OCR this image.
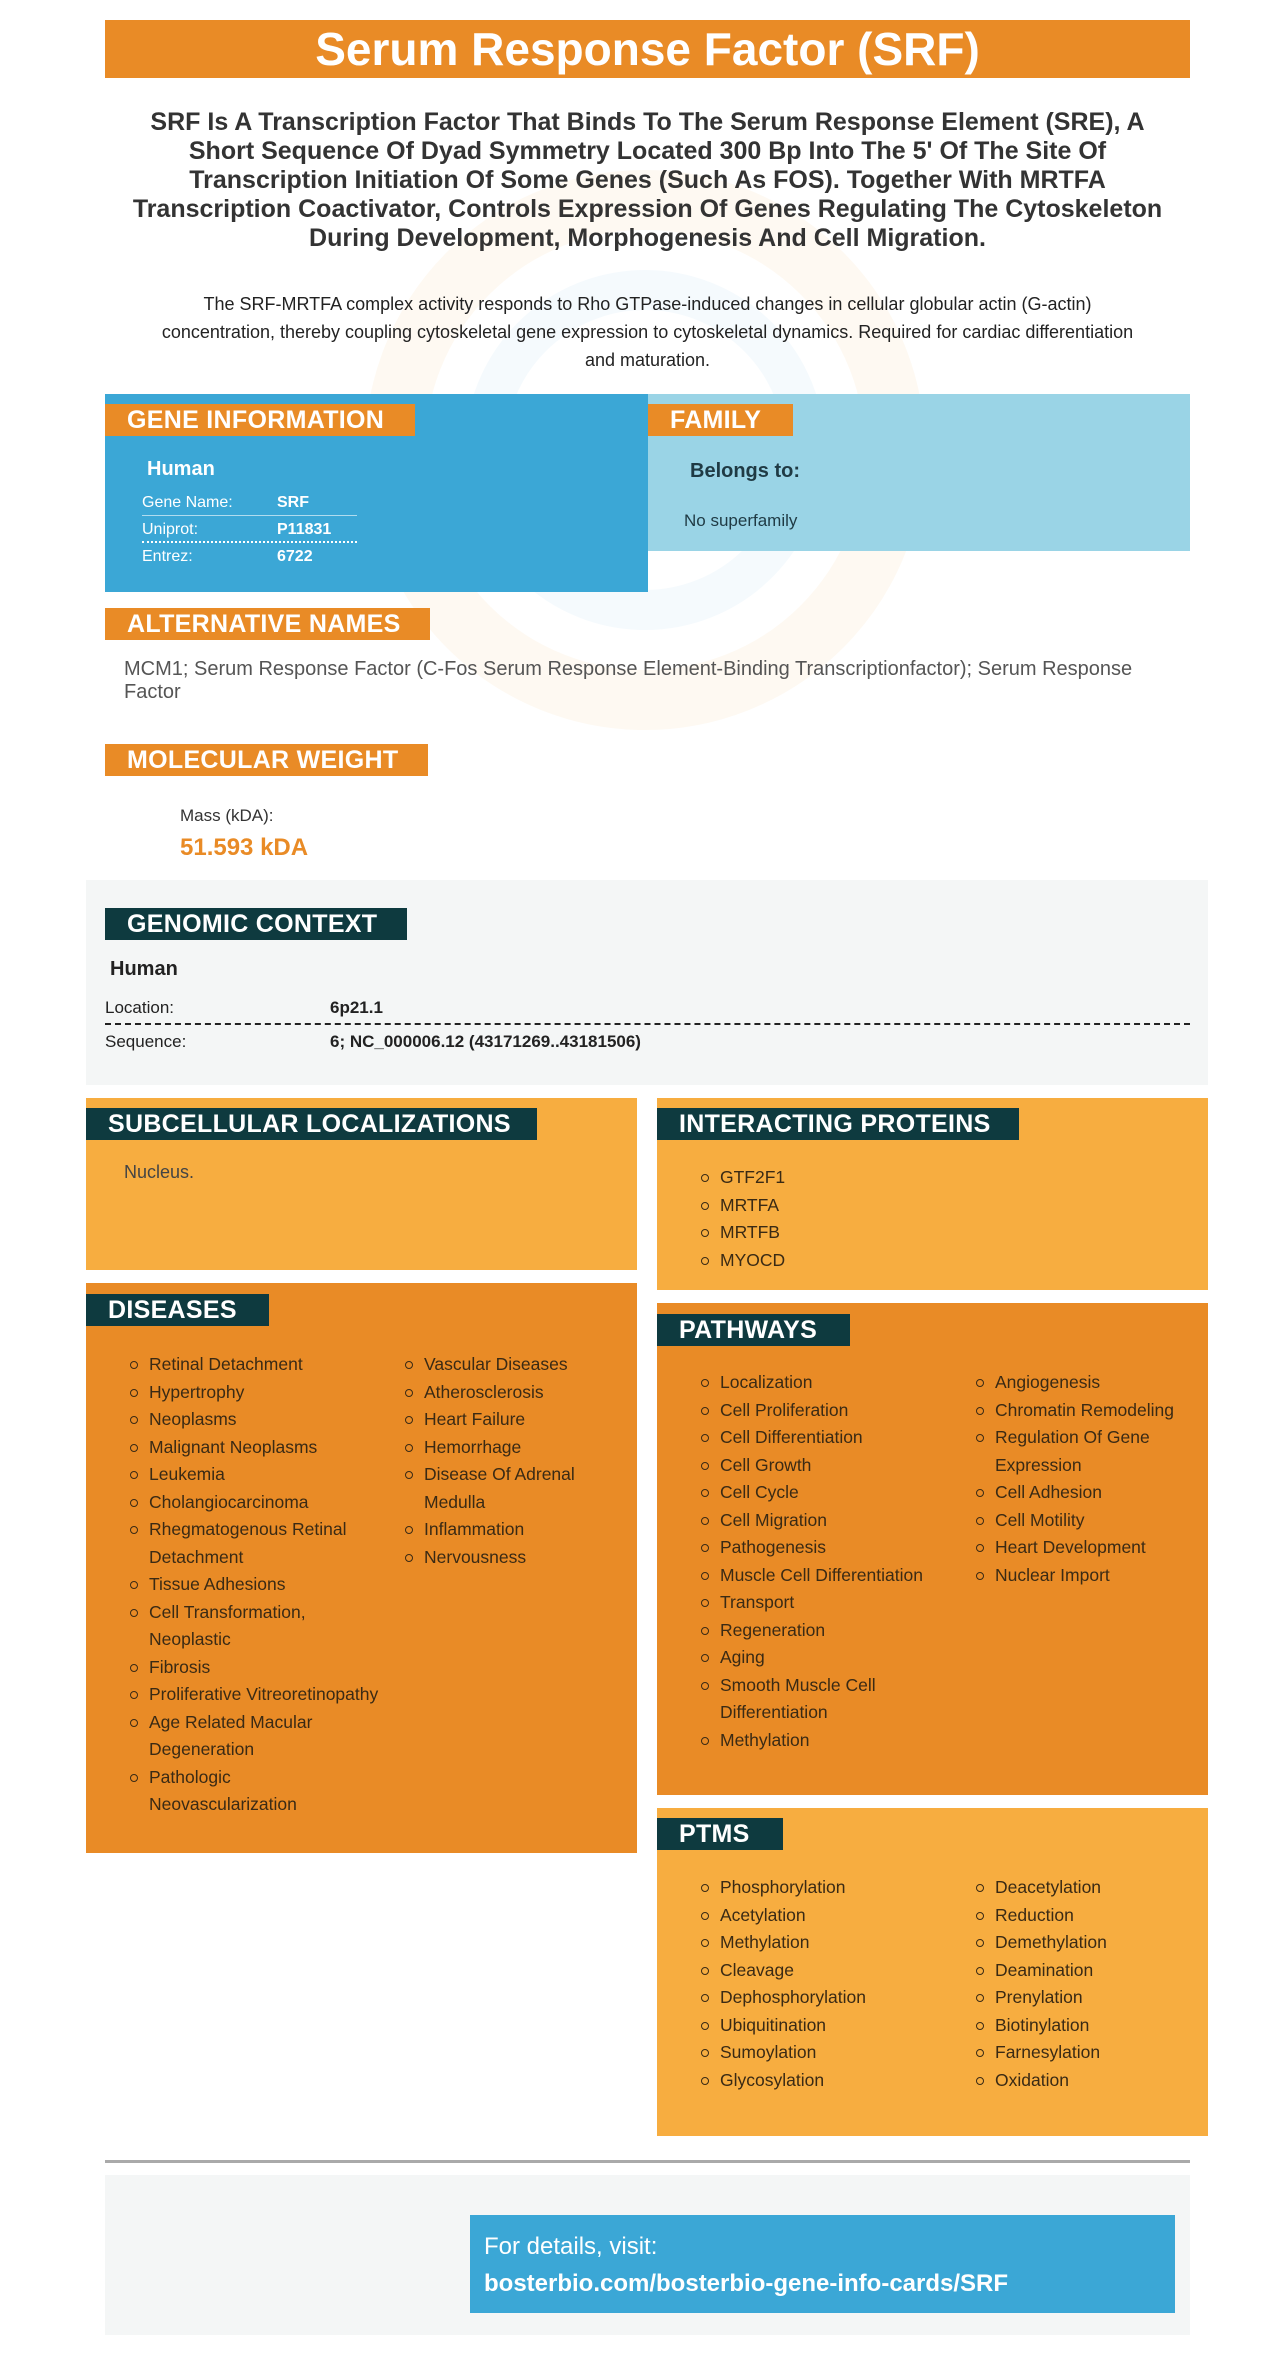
Serum Response Factor (SRF)
SRF Is A Transcription Factor That Binds To The Serum Response Element (SRE), A Short Sequence Of Dyad Symmetry Located 300 Bp Into The 5' Of The Site Of Transcription Initiation Of Some Genes (Such As FOS). Together With MRTFA Transcription Coactivator, Controls Expression Of Genes Regulating The Cytoskeleton During Development, Morphogenesis And Cell Migration.
The SRF-MRTFA complex activity responds to Rho GTPase-induced changes in cellular globular actin (G-actin) concentration, thereby coupling cytoskeletal gene expression to cytoskeletal dynamics. Required for cardiac differentiation and maturation.
GENE INFORMATION
Human
Gene Name:	SRF
Uniprot:	P11831
Entrez:	6722
FAMILY
Belongs to:
No superfamily
ALTERNATIVE NAMES
MCM1; Serum Response Factor (C-Fos Serum Response Element-Binding Transcriptionfactor); Serum Response Factor
MOLECULAR WEIGHT
Mass (kDA):
51.593 kDA
GENOMIC CONTEXT
Human
Location:	6p21.1
Sequence:	6; NC_000006.12 (43171269..43181506)
SUBCELLULAR LOCALIZATIONS
Nucleus.
INTERACTING PROTEINS
GTF2F1
MRTFA
MRTFB
MYOCD
DISEASES
Retinal Detachment
Hypertrophy
Neoplasms
Malignant Neoplasms
Leukemia
Cholangiocarcinoma
Rhegmatogenous Retinal Detachment
Tissue Adhesions
Cell Transformation, Neoplastic
Fibrosis
Proliferative Vitreoretinopathy
Age Related Macular Degeneration
Pathologic Neovascularization
Vascular Diseases
Atherosclerosis
Heart Failure
Hemorrhage
Disease Of Adrenal Medulla
Inflammation
Nervousness
PATHWAYS
Localization
Cell Proliferation
Cell Differentiation
Cell Growth
Cell Cycle
Cell Migration
Pathogenesis
Muscle Cell Differentiation
Transport
Regeneration
Aging
Smooth Muscle Cell Differentiation
Methylation
Angiogenesis
Chromatin Remodeling
Regulation Of Gene Expression
Cell Adhesion
Cell Motility
Heart Development
Nuclear Import
PTMS
Phosphorylation
Acetylation
Methylation
Cleavage
Dephosphorylation
Ubiquitination
Sumoylation
Glycosylation
Deacetylation
Reduction
Demethylation
Deamination
Prenylation
Biotinylation
Farnesylation
Oxidation
For details, visit:
bosterbio.com/bosterbio-gene-info-cards/SRF
